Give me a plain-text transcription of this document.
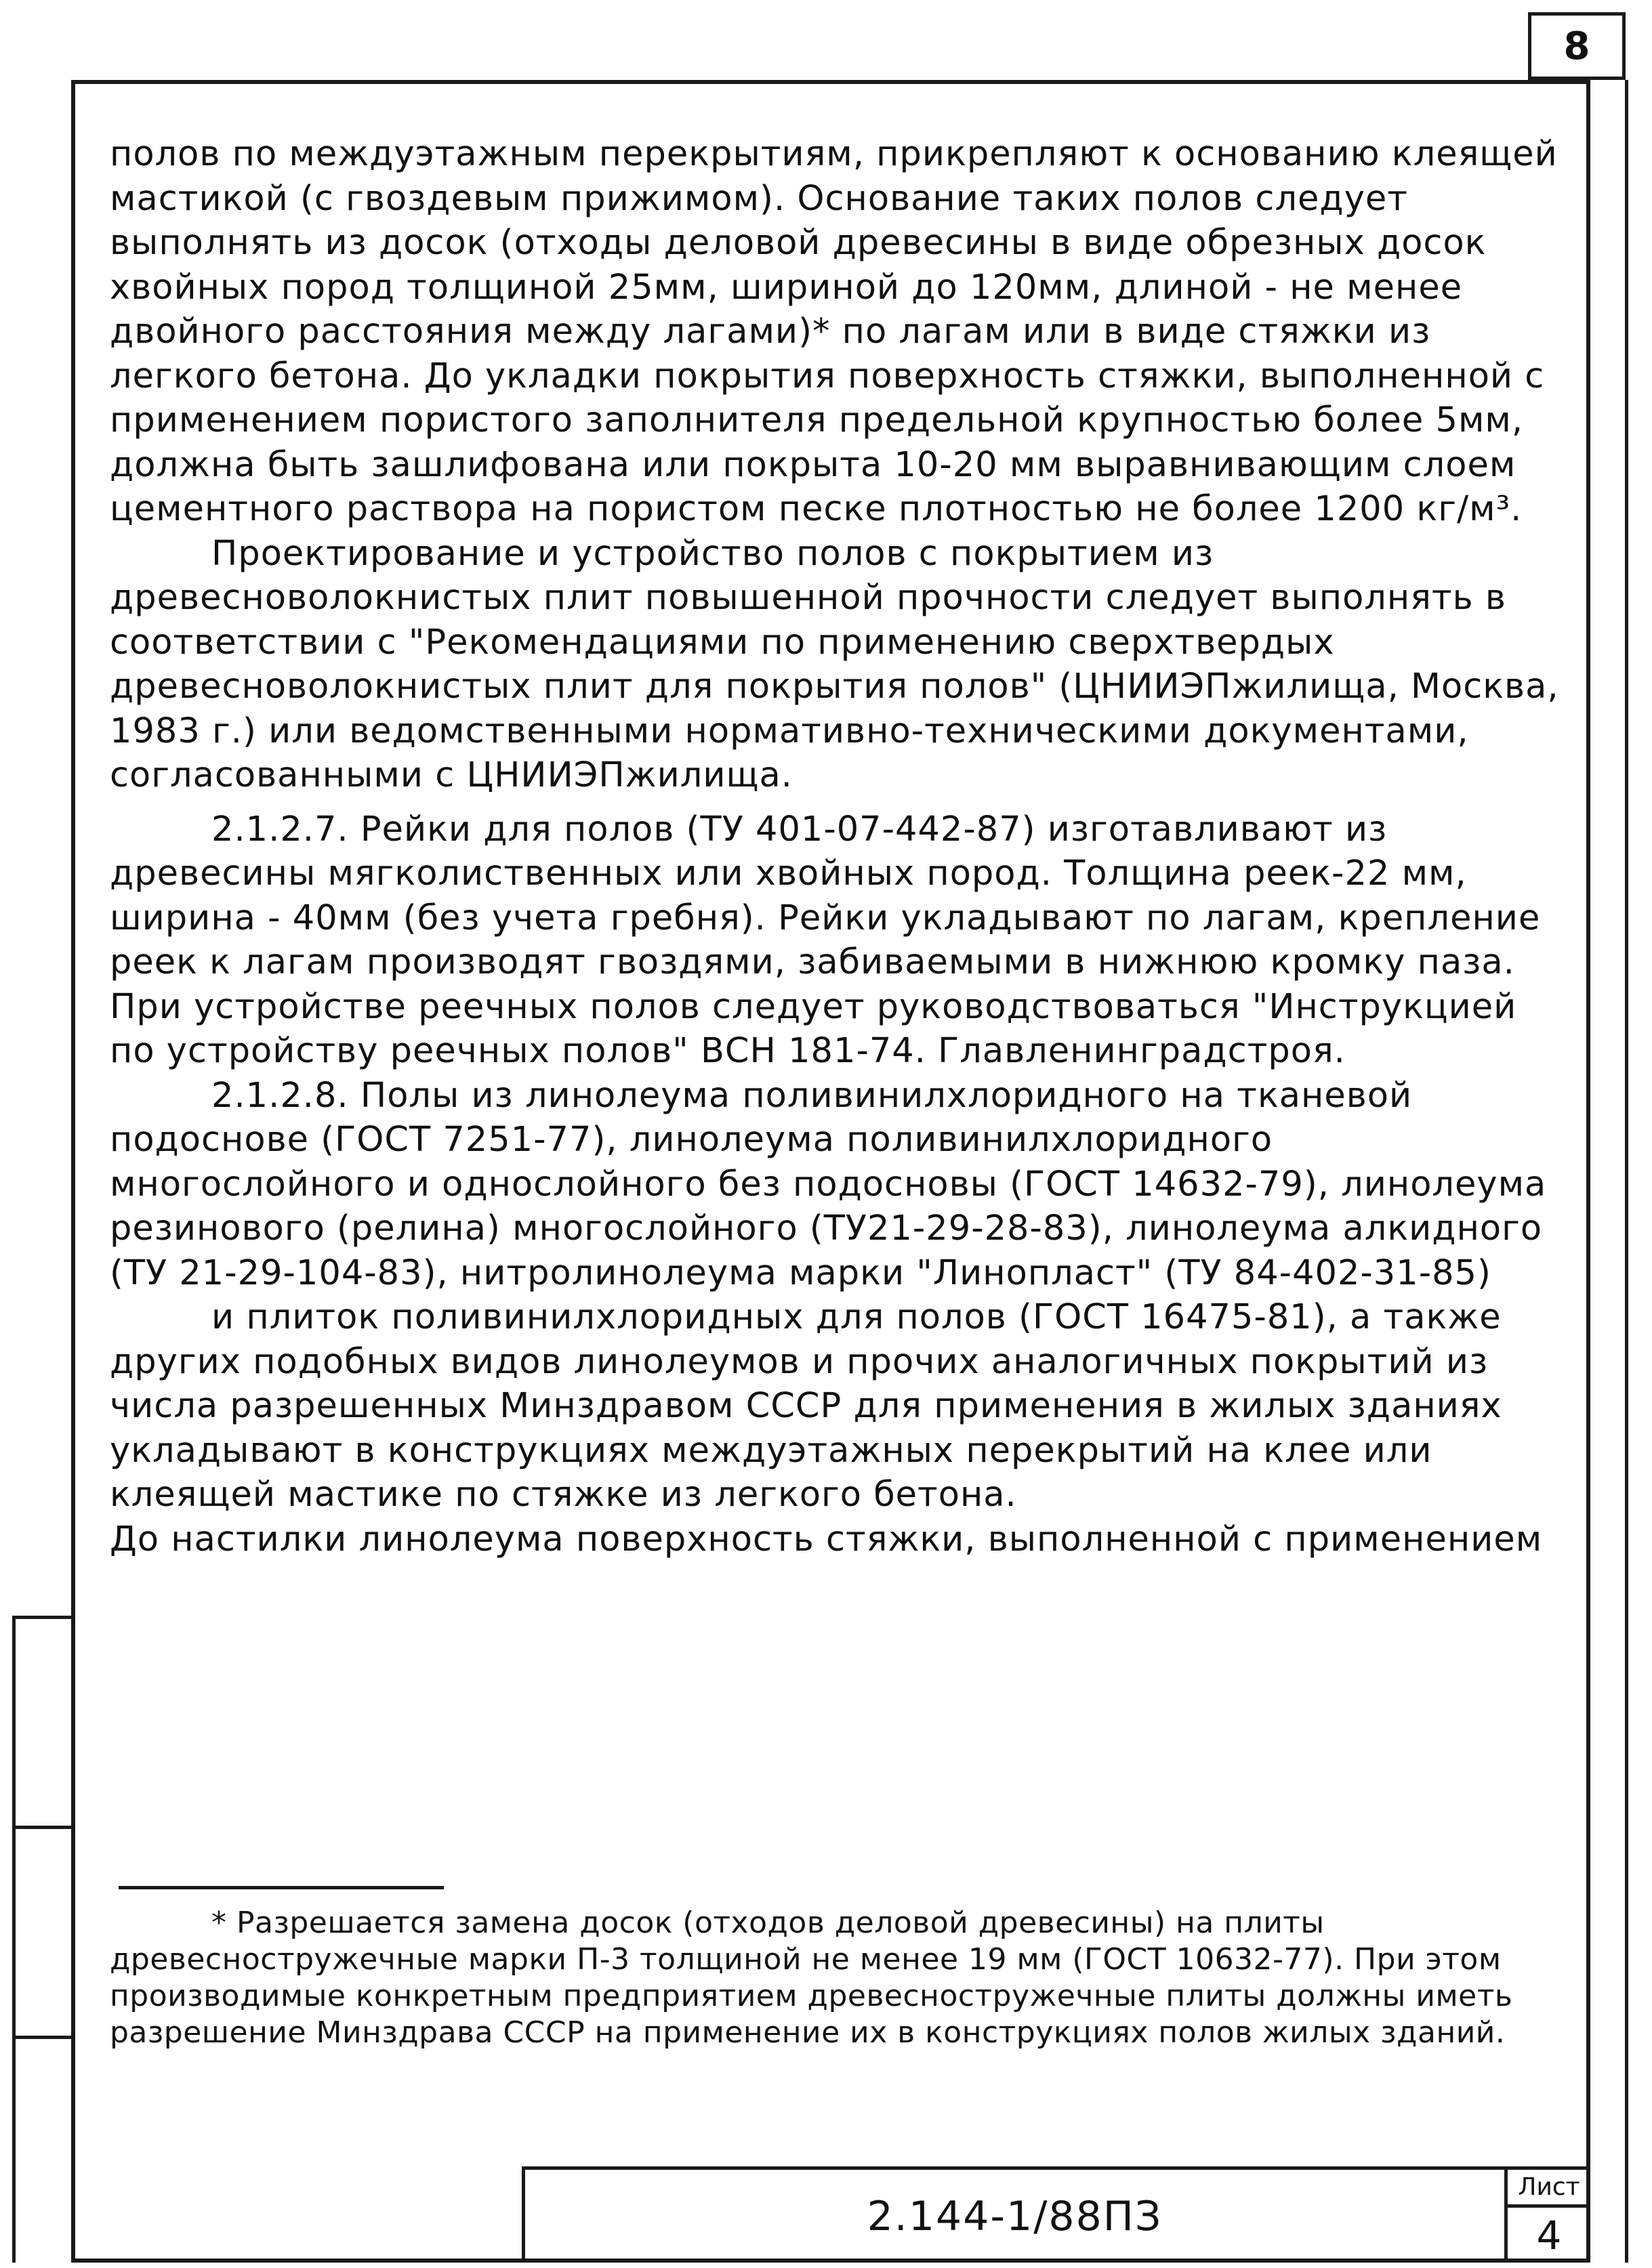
8

полов по междуэтажным перекрытиям, прикрепляют к основанию клеящей мастикой (с гвоздевым прижимом). Основание таких полов следует выполнять из досок (отходы деловой древесины в виде обрезных досок хвойных пород толщиной 25мм, шириной до 120мм, длиной - не менее двойного расстояния между лагами)* по лагам или в виде стяжки из легкого бетона. До укладки покрытия поверхность стяжки, выполненной с применением пористого заполнителя предельной крупностью более 5мм, должна быть зашлифована или покрыта 10-20 мм выравнивающим слоем цементного раствора на пористом песке плотностью не более 1200 кг/м³.

Проектирование и устройство полов с покрытием из древесноволокнистых плит повышенной прочности следует выполнять в соответствии с "Рекомендациями по применению сверхтвердых древесноволокнистых плит для покрытия полов" (ЦНИИЭПжилища, Москва, 1983 г.) или ведомственными нормативно-техническими документами, согласованными с ЦНИИЭПжилища.

2.1.2.7. Рейки для полов (ТУ 401-07-442-87) изготавливают из древесины мягколиственных или хвойных пород. Толщина реек-22 мм, ширина - 40мм (без учета гребня). Рейки укладывают по лагам, крепление реек к лагам производят гвоздями, забиваемыми в нижнюю кромку паза. При устройстве реечных полов следует руководствоваться "Инструкцией по устройству реечных полов" ВСН 181-74. Главленинградстроя.

2.1.2.8. Полы из линолеума поливинилхлоридного на тканевой подоснове (ГОСТ 7251-77), линолеума поливинилхлоридного многослойного и однослойного без подосновы (ГОСТ 14632-79), линолеума резинового (релина) многослойного (ТУ21-29-28-83), линолеума алкидного (ТУ 21-29-104-83), нитролинолеума марки "Линопласт" (ТУ 84-402-31-85)

и плиток поливинилхлоридных для полов (ГОСТ 16475-81), а также других подобных видов линолеумов и прочих аналогичных покрытий из числа разрешенных Минздравом СССР для применения в жилых зданиях укладывают в конструкциях междуэтажных перекрытий на клее или клеящей мастике по стяжке из легкого бетона.

До настилки линолеума поверхность стяжки, выполненной с применением

* Разрешается замена досок (отходов деловой древесины) на плиты древесностружечные марки П-3 толщиной не менее 19 мм (ГОСТ 10632-77). При этом производимые конкретным предприятием древесностружечные плиты должны иметь разрешение Минздрава СССР на применение их в конструкциях полов жилых зданий.

2.144-1/88ПЗ
Лист
4
